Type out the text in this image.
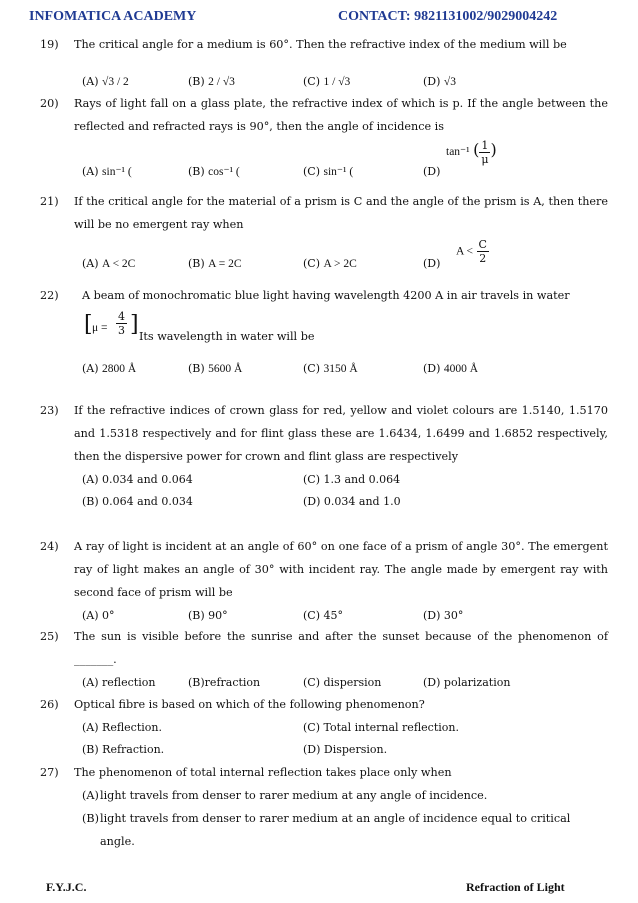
INFOMATICA ACADEMY	CONTACT: 9821131002/9029004242
19)	The critical angle for a medium is 60°. Then the refractive index of the medium will be
(A) √3 / 2	(B) 2 / √3	(C) 1 / √3	(D) √3
20)	Rays of light fall on a glass plate, the refractive index of which is p. If the angle between the reflected and refracted rays is 90°, then the angle of incidence is
(A) sin⁻¹ (	(B) cos⁻¹ (	(C) sin⁻¹ (	(D)
tan⁻¹ ( $\frac{1}{\mu}$ )
21)	If the critical angle for the material of a prism is C and the angle of the prism is A, then there will be no emergent ray when
(A) A < 2C	(B) A = 2C	(C) A > 2C	(D)
$A < \frac{C}{2}$
22)	A beam of monochromatic blue light having wavelength 4200 A in air travels in water
[ $\mu = \frac{4}{3}$ ] Its wavelength in water will be
(A) 2800 Å	(B) 5600 Å	(C) 3150 Å	(D) 4000 Å
23)	If the refractive indices of crown glass for red, yellow and violet colours are 1.5140, 1.5170 and 1.5318 respectively and for flint glass these are 1.6434, 1.6499 and 1.6852 respectively, then the dispersive power for crown and flint glass are respectively
(A) 0.034 and 0.064	(C) 1.3 and 0.064
(B) 0.064 and 0.034	(D) 0.034 and 1.0
24)	A ray of light is incident at an angle of 60° on one face of a prism of angle 30°. The emergent ray of light makes an angle of 30° with incident ray. The angle made by emergent ray with second face of prism will be
(A) 0°	(B) 90°	(C) 45°	(D) 30°
25)	The sun is visible before the sunrise and after the sunset because of the phenomenon of _______.
(A) reflection	(B)refraction	(C) dispersion	(D) polarization
26)	Optical fibre is based on which of the following phenomenon?
(A) Reflection.	(C) Total internal reflection.
(B) Refraction.	(D) Dispersion.
27)	The phenomenon of total internal reflection takes place only when
(A) light travels from denser to rarer medium at any angle of incidence.
(B) light travels from denser to rarer medium at an angle of incidence equal to critical angle.
F.Y.J.C.	Refraction of Light
